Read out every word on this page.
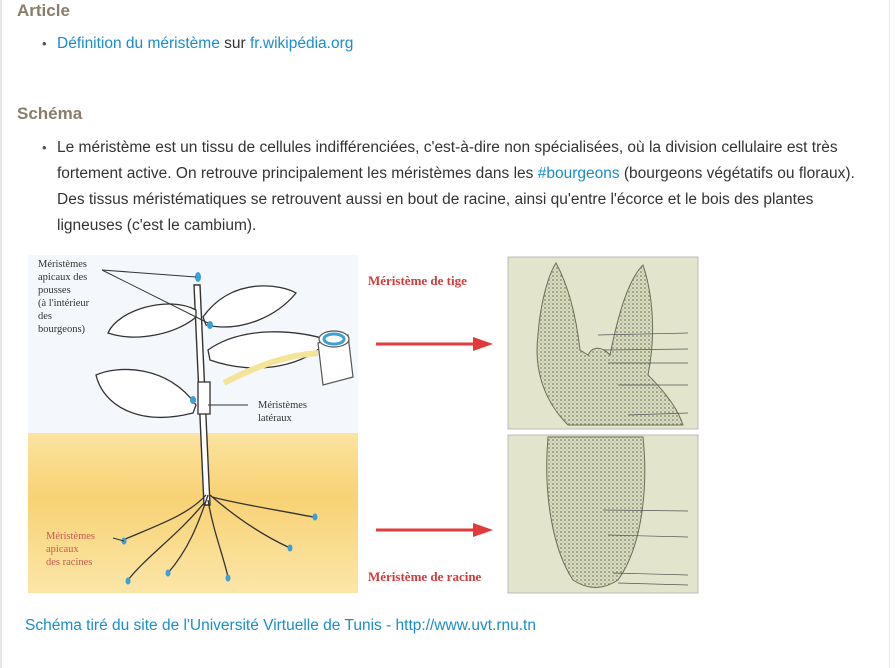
Article
• Définition du méristème sur fr.wikipédia.org
Schéma
• Le méristème est un tissu de cellules indifférenciées, c'est-à-dire non spécialisées, où la division cellulaire est très fortement active. On retrouve principalement les méristèmes dans les #bourgeons (bourgeons végétatifs ou floraux). Des tissus méristématiques se retrouvent aussi en bout de racine, ainsi qu'entre l'écorce et le bois des plantes ligneuses (c'est le cambium).
Méristèmes
apicaux des
pousses
(à l'intérieur
des
bourgeons)
Méristèmes
latéraux
Méristèmes
apicaux
des racines
Méristème de tige
Méristème de racine
Schéma tiré du site de l'Université Virtuelle de Tunis - http://www.uvt.rnu.tn
